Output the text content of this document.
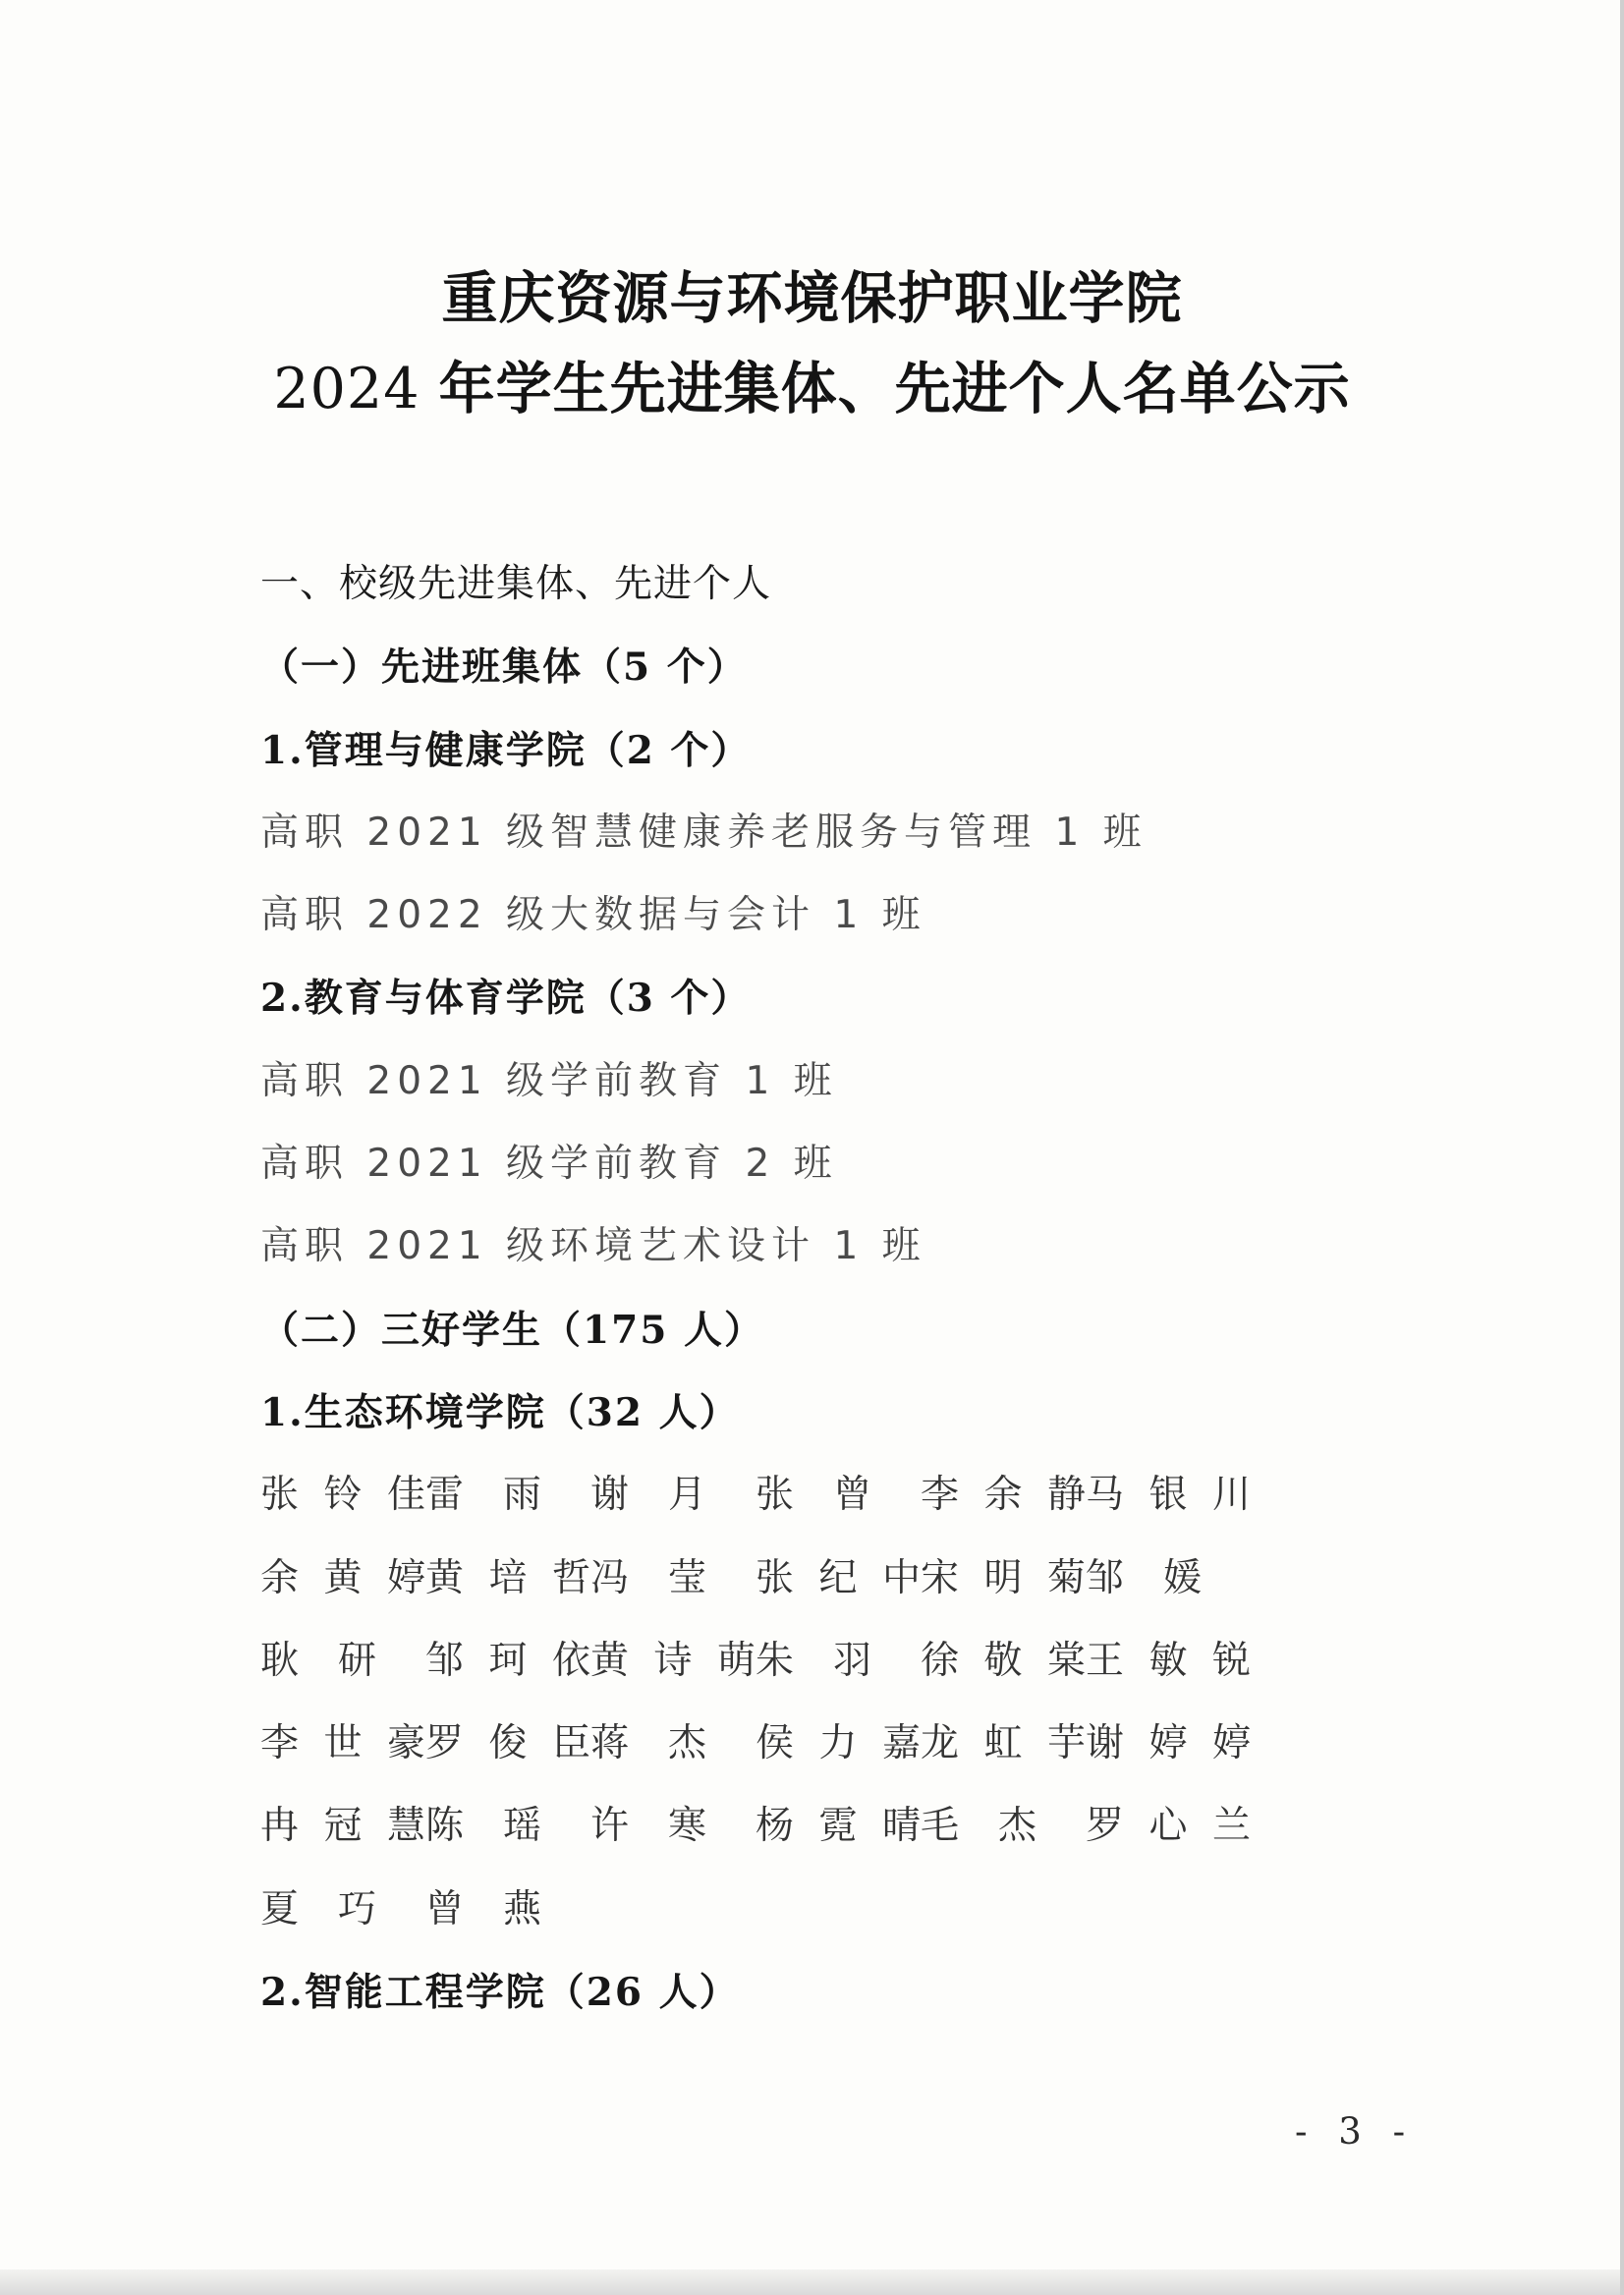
重庆资源与环境保护职业学院
2024 年学生先进集体、先进个人名单公示
一、校级先进集体、先进个人
（一）先进班集体（5 个）
1.管理与健康学院（2 个）
高职 2021 级智慧健康养老服务与管理 1 班
高职 2022 级大数据与会计 1 班
2.教育与体育学院（3 个）
高职 2021 级学前教育 1 班
高职 2021 级学前教育 2 班
高职 2021 级环境艺术设计 1 班
（二）三好学生（175 人）
1.生态环境学院（32 人）
张 铃 佳 雷 雨 谢 月 张 曾 李 余 静 马 银 川
余 黄 婷 黄 培 哲 冯 莹 张 纪 中 宋 明 菊 邹 媛
耿 研 邹 珂 依 黄 诗 萌 朱 羽 徐 敬 棠 王 敏 锐
李 世 豪 罗 俊 臣 蒋 杰 侯 力 嘉 龙 虹 芋 谢 婷 婷
冉 冠 慧 陈 瑶 许 寒 杨 霓 晴 毛 杰 罗 心 兰
夏 巧 曾 燕
2.智能工程学院（26 人）
- 3 -
